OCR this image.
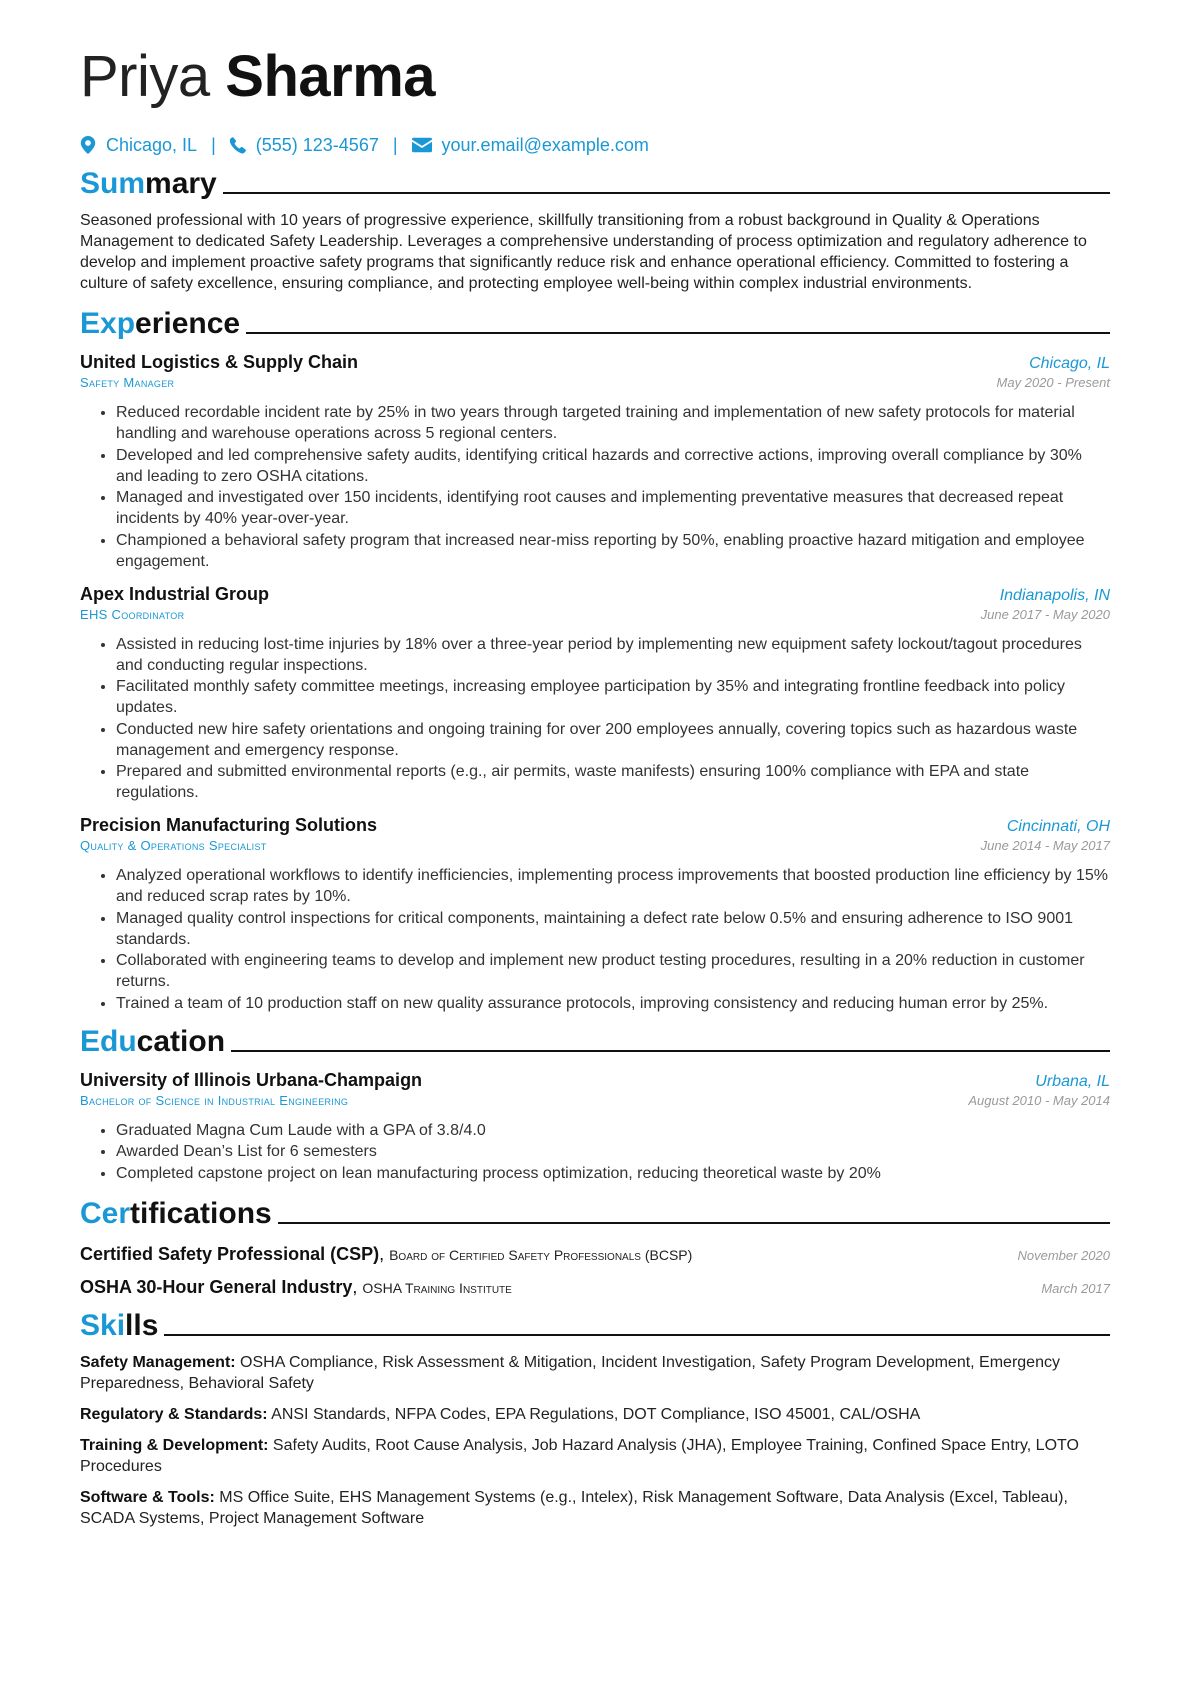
Priya Sharma
Chicago, IL | (555) 123-4567 | your.email@example.com
Summary

Seasoned professional with 10 years of progressive experience, skillfully transitioning from a robust background in Quality & Operations Management to dedicated Safety Leadership. Leverages a comprehensive understanding of process optimization and regulatory adherence to develop and implement proactive safety programs that significantly reduce risk and enhance operational efficiency. Committed to fostering a culture of safety excellence, ensuring compliance, and protecting employee well-being within complex industrial environments.

Experience
United Logistics & Supply Chain	Chicago, IL
Safety Manager	May 2020 - Present
• Reduced recordable incident rate by 25% in two years through targeted training and implementation of new safety protocols for material handling and warehouse operations across 5 regional centers.
• Developed and led comprehensive safety audits, identifying critical hazards and corrective actions, improving overall compliance by 30% and leading to zero OSHA citations.
• Managed and investigated over 150 incidents, identifying root causes and implementing preventative measures that decreased repeat incidents by 40% year-over-year.
• Championed a behavioral safety program that increased near-miss reporting by 50%, enabling proactive hazard mitigation and employee engagement.
Apex Industrial Group	Indianapolis, IN
EHS Coordinator	June 2017 - May 2020
• Assisted in reducing lost-time injuries by 18% over a three-year period by implementing new equipment safety lockout/tagout procedures and conducting regular inspections.
• Facilitated monthly safety committee meetings, increasing employee participation by 35% and integrating frontline feedback into policy updates.
• Conducted new hire safety orientations and ongoing training for over 200 employees annually, covering topics such as hazardous waste management and emergency response.
• Prepared and submitted environmental reports (e.g., air permits, waste manifests) ensuring 100% compliance with EPA and state regulations.
Precision Manufacturing Solutions	Cincinnati, OH
Quality & Operations Specialist	June 2014 - May 2017
• Analyzed operational workflows to identify inefficiencies, implementing process improvements that boosted production line efficiency by 15% and reduced scrap rates by 10%.
• Managed quality control inspections for critical components, maintaining a defect rate below 0.5% and ensuring adherence to ISO 9001 standards.
• Collaborated with engineering teams to develop and implement new product testing procedures, resulting in a 20% reduction in customer returns.
• Trained a team of 10 production staff on new quality assurance protocols, improving consistency and reducing human error by 25%.
Education
University of Illinois Urbana-Champaign	Urbana, IL
Bachelor of Science in Industrial Engineering	August 2010 - May 2014
• Graduated Magna Cum Laude with a GPA of 3.8/4.0
• Awarded Dean’s List for 6 semesters
• Completed capstone project on lean manufacturing process optimization, reducing theoretical waste by 20%
Certifications
Certified Safety Professional (CSP), Board of Certified Safety Professionals (BCSP)	November 2020
OSHA 30-Hour General Industry, OSHA Training Institute	March 2017
Skills
Safety Management: OSHA Compliance, Risk Assessment & Mitigation, Incident Investigation, Safety Program Development, Emergency Preparedness, Behavioral Safety
Regulatory & Standards: ANSI Standards, NFPA Codes, EPA Regulations, DOT Compliance, ISO 45001, CAL/OSHA
Training & Development: Safety Audits, Root Cause Analysis, Job Hazard Analysis (JHA), Employee Training, Confined Space Entry, LOTO Procedures
Software & Tools: MS Office Suite, EHS Management Systems (e.g., Intelex), Risk Management Software, Data Analysis (Excel, Tableau), SCADA Systems, Project Management Software
